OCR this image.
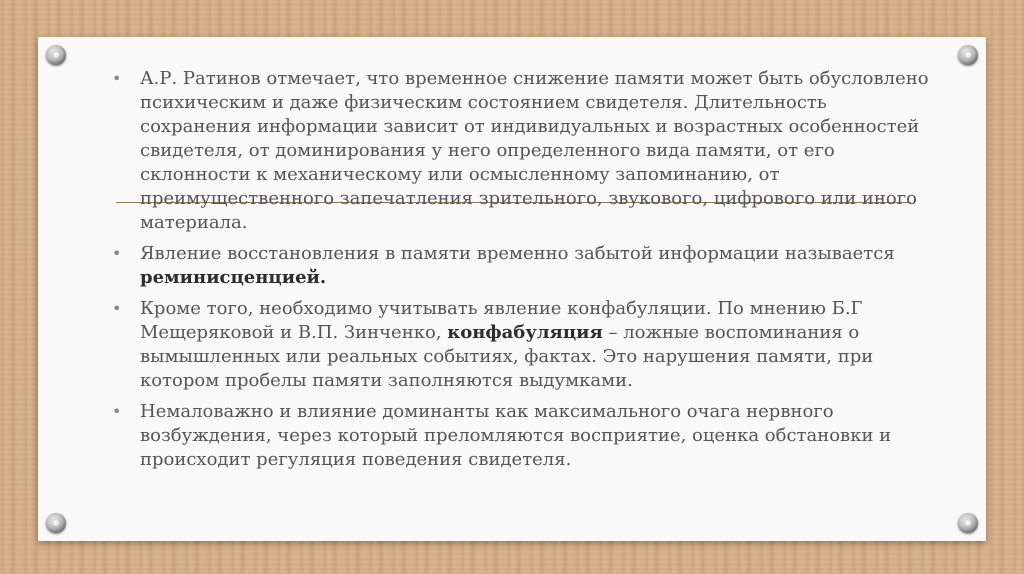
• А.Р. Ратинов отмечает, что временное снижение памяти может быть обусловлено психическим и даже физическим состоянием свидетеля. Длительность сохранения информации зависит от индивидуальных и возрастных особенностей свидетеля, от доминирования у него определенного вида памяти, от его склонности к механическому или осмысленному запоминанию, от преимущественного запечатления зрительного, звукового, цифрового или иного материала.
• Явление восстановления в памяти временно забытой информации называется реминисценцией.
• Кроме того, необходимо учитывать явление конфабуляции. По мнению Б.Г Мещеряковой и В.П. Зинченко, конфабуляция – ложные воспоминания о вымышленных или реальных событиях, фактах. Это нарушения памяти, при котором пробелы памяти заполняются выдумками.
• Немаловажно и влияние доминанты как максимального очага нервного возбуждения, через который преломляются восприятие, оценка обстановки и происходит регуляция поведения свидетеля.
